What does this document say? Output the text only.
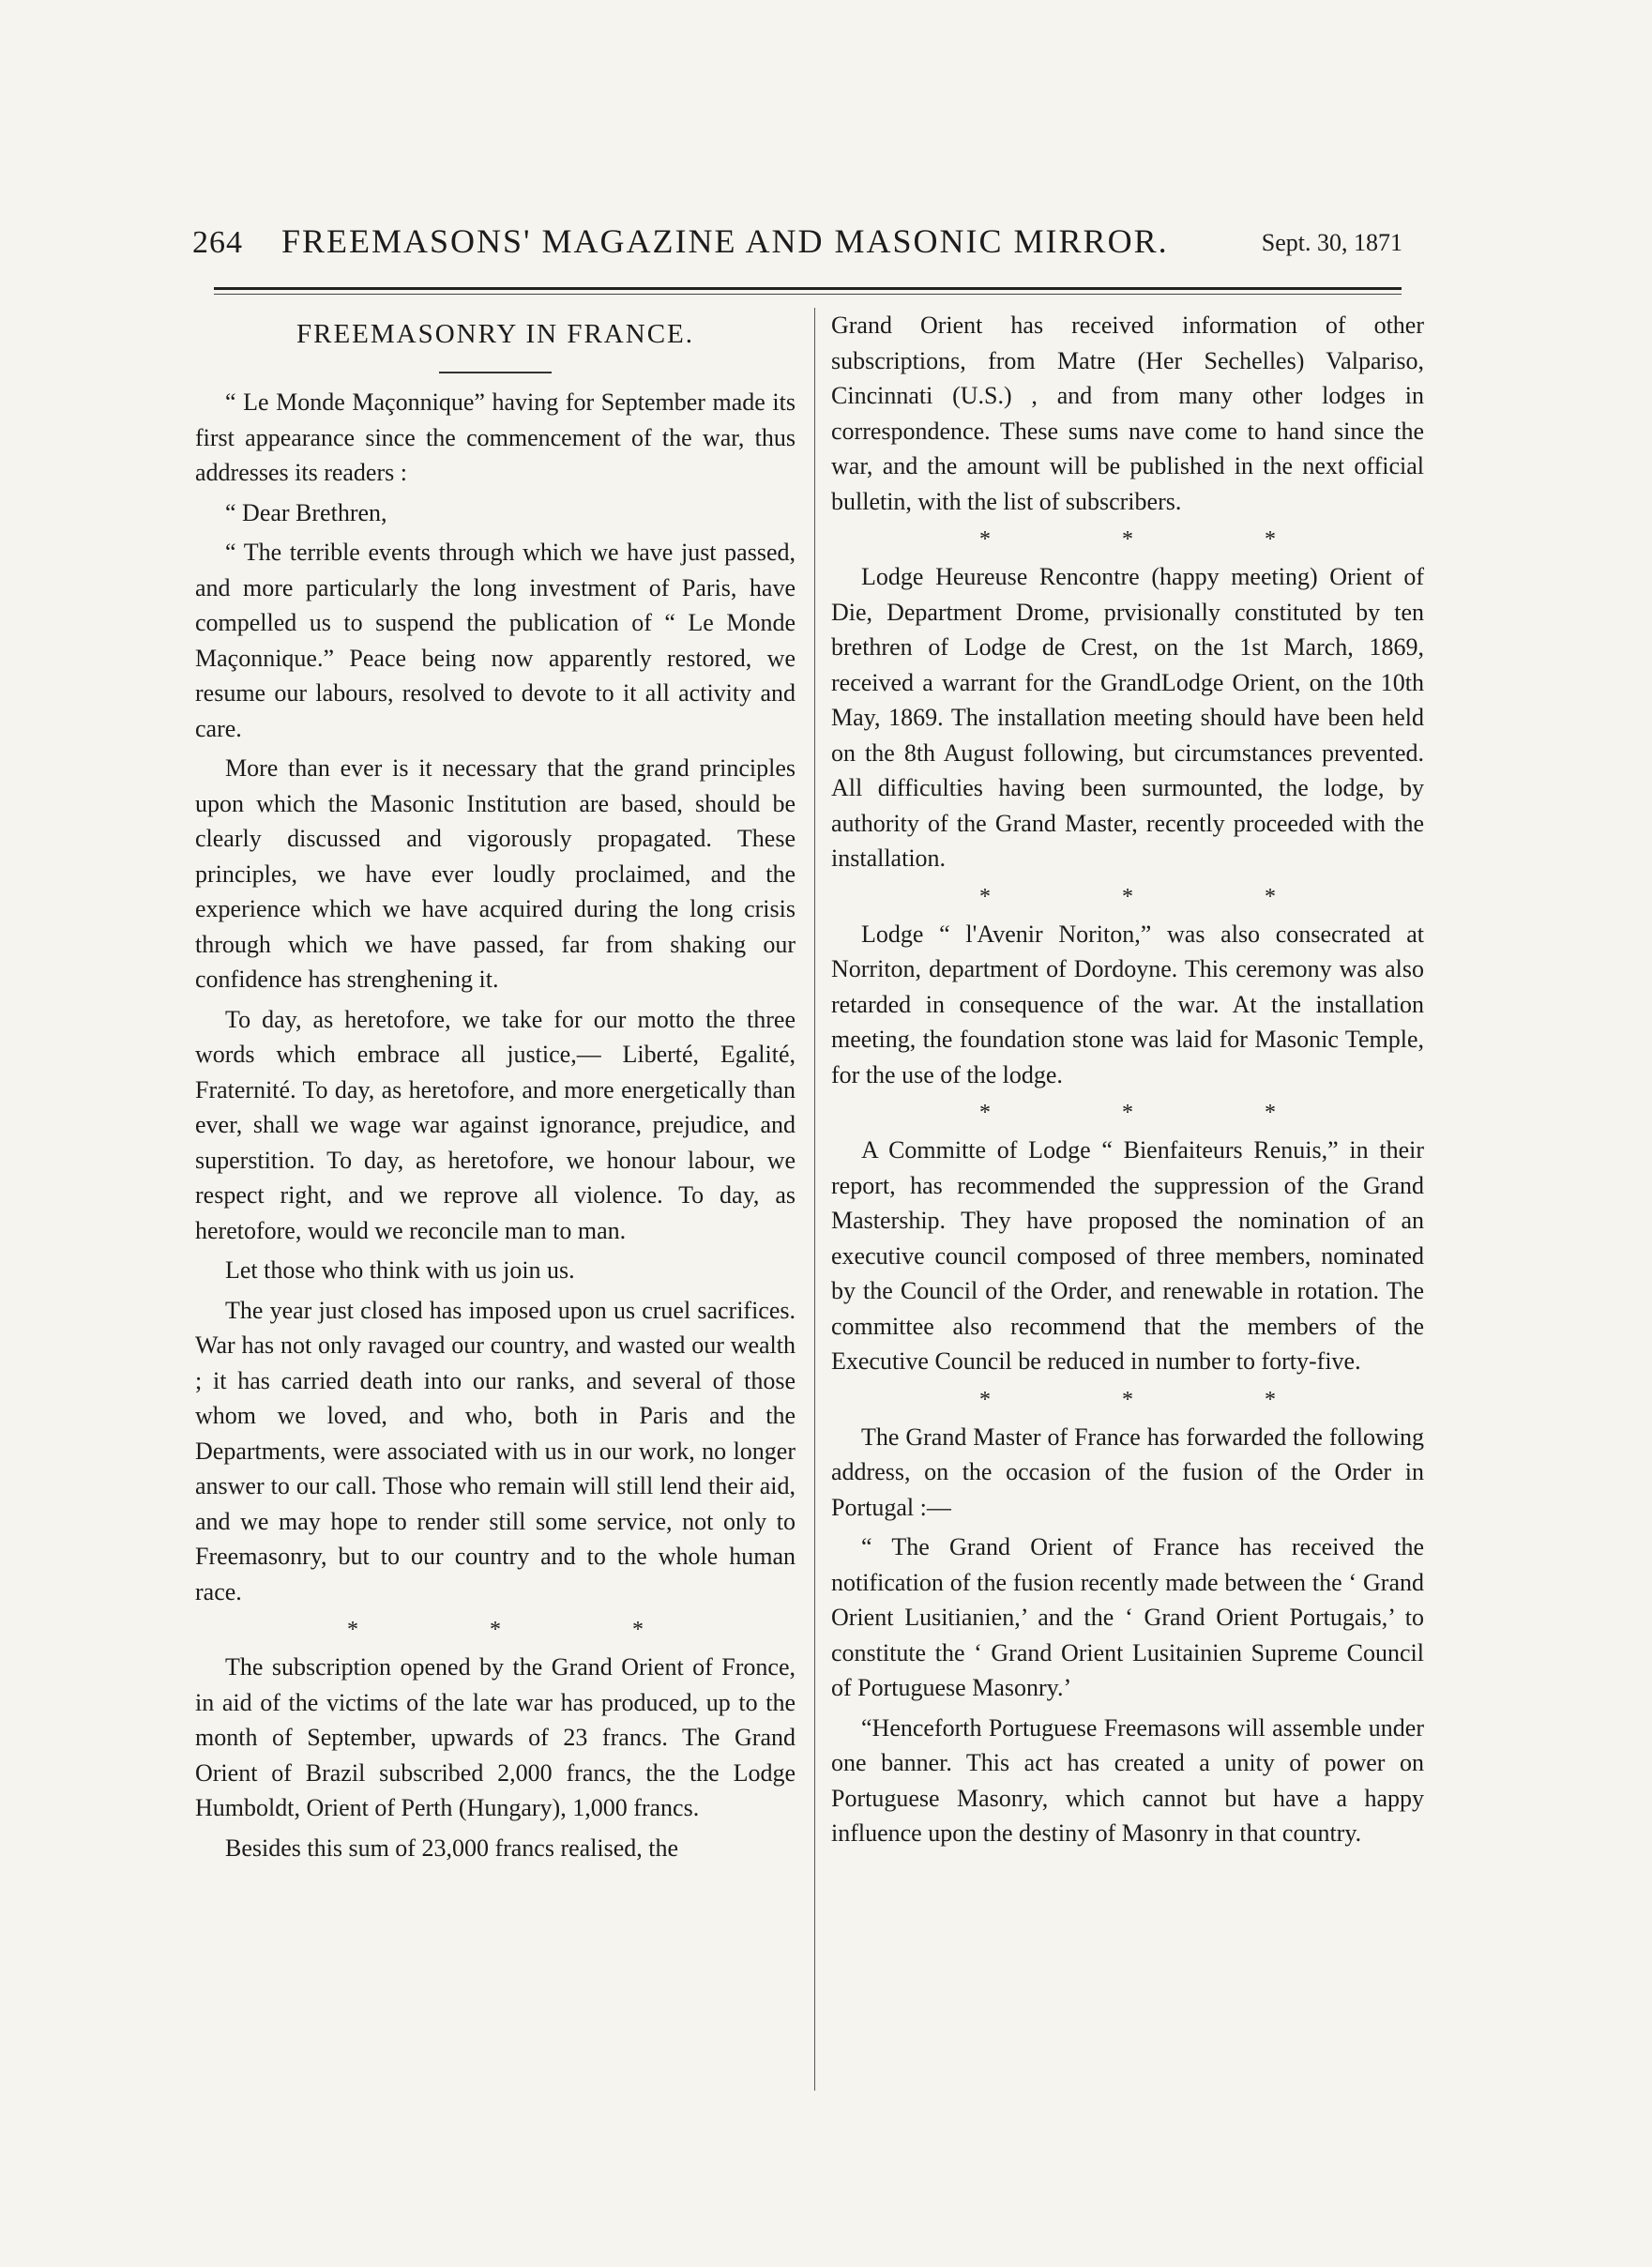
264 FREEMASONS' MAGAZINE AND MASONIC MIRROR.	Sept. 30, 1871
FREEMASONRY IN FRANCE.

“ Le Monde Maçonnique” having for September made its first appearance since the commencement of the war, thus addresses its readers :

“ Dear Brethren,

“ The terrible events through which we have just passed, and more particularly the long investment of Paris, have compelled us to suspend the publication of “ Le Monde Maçonnique.” Peace being now apparently restored, we resume our labours, resolved to devote to it all activity and care.

More than ever is it necessary that the grand principles upon which the Masonic Institution are based, should be clearly discussed and vigorously propagated. These principles, we have ever loudly proclaimed, and the experience which we have acquired during the long crisis through which we have passed, far from shaking our confidence has strenghening it.

To day, as heretofore, we take for our motto the three words which embrace all justice,— Liberté, Egalité, Fraternité. To day, as heretofore, and more energetically than ever, shall we wage war against ignorance, prejudice, and superstition. To day, as heretofore, we honour labour, we respect right, and we reprove all violence. To day, as heretofore, would we reconcile man to man.

Let those who think with us join us.

The year just closed has imposed upon us cruel sacrifices. War has not only ravaged our country, and wasted our wealth ; it has carried death into our ranks, and several of those whom we loved, and who, both in Paris and the Departments, were associated with us in our work, no longer answer to our call. Those who remain will still lend their aid, and we may hope to render still some service, not only to Freemasonry, but to our country and to the whole human race.

*	*	*

The subscription opened by the Grand Orient of Fronce, in aid of the victims of the late war has produced, up to the month of September, upwards of 23 francs. The Grand Orient of Brazil subscribed 2,000 francs, the the Lodge Humboldt, Orient of Perth (Hungary), 1,000 francs.

Besides this sum of 23,000 francs realised, the

Grand Orient has received information of other subscriptions, from Matre (Her Sechelles) Valpariso, Cincinnati (U.S.) , and from many other lodges in correspondence. These sums nave come to hand since the war, and the amount will be published in the next official bulletin, with the list of subscribers.

*	*	*

Lodge Heureuse Rencontre (happy meeting) Orient of Die, Department Drome, prvisionally constituted by ten brethren of Lodge de Crest, on the 1st March, 1869, received a warrant for the GrandLodge Orient, on the 10th May, 1869. The installation meeting should have been held on the 8th August following, but circumstances prevented. All difficulties having been surmounted, the lodge, by authority of the Grand Master, recently proceeded with the installation.

*	*	*

Lodge “ l'Avenir Noriton,” was also consecrated at Norriton, department of Dordoyne. This ceremony was also retarded in consequence of the war. At the installation meeting, the foundation stone was laid for Masonic Temple, for the use of the lodge.

*	*	*

A Committe of Lodge “ Bienfaiteurs Renuis,” in their report, has recommended the suppression of the Grand Mastership. They have proposed the nomination of an executive council composed of three members, nominated by the Council of the Order, and renewable in rotation. The committee also recommend that the members of the Executive Council be reduced in number to forty-five.

*	*	*

The Grand Master of France has forwarded the following address, on the occasion of the fusion of the Order in Portugal :—

“ The Grand Orient of France has received the notification of the fusion recently made between the ‘ Grand Orient Lusitianien,’ and the ‘ Grand Orient Portugais,’ to constitute the ‘ Grand Orient Lusitainien Supreme Council of Portuguese Masonry.’

“Henceforth Portuguese Freemasons will assemble under one banner. This act has created a unity of power on Portuguese Masonry, which cannot but have a happy influence upon the destiny of Masonry in that country.
